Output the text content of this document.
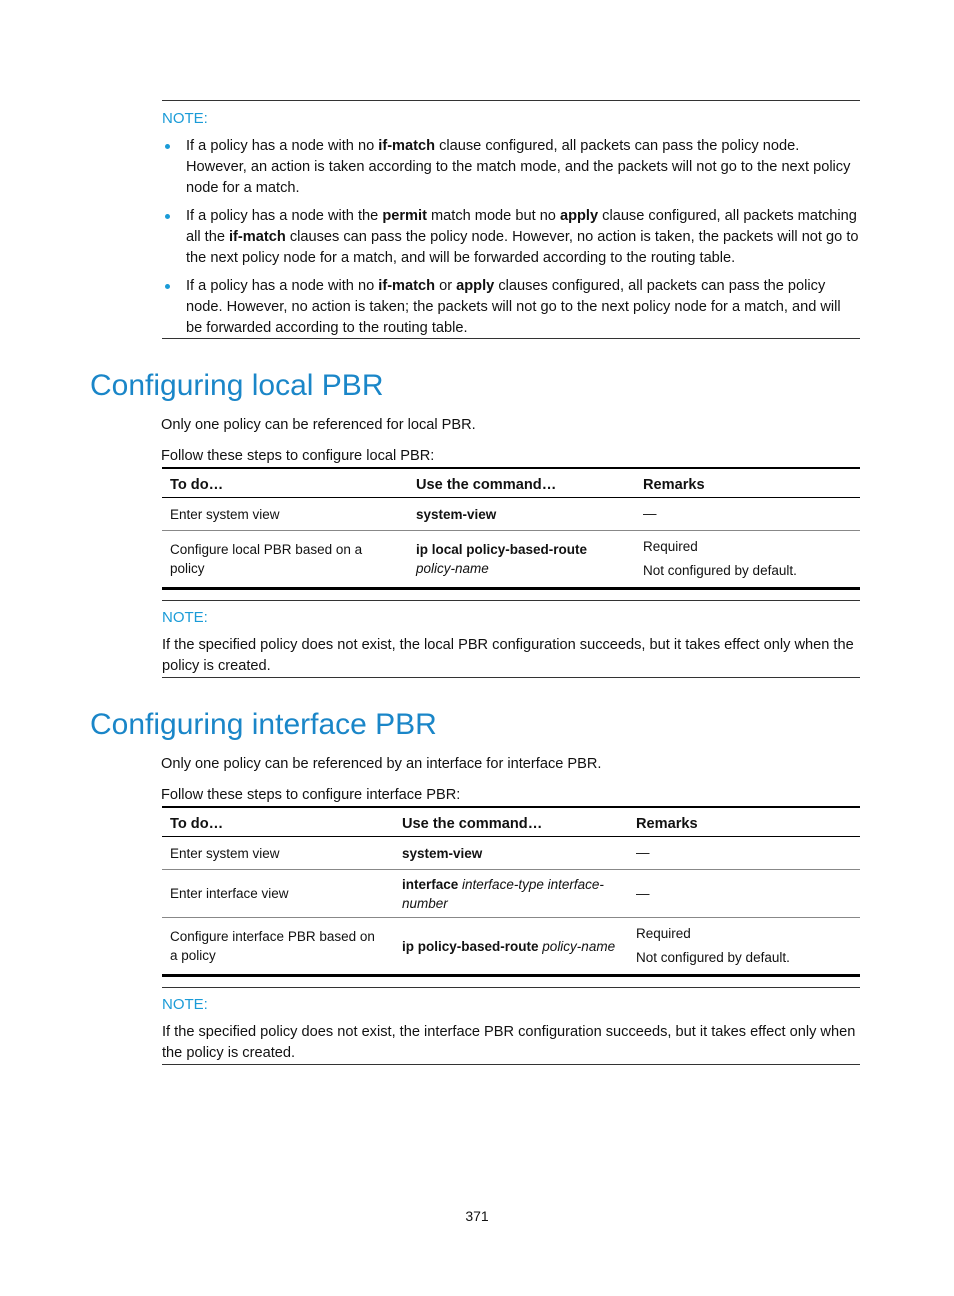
NOTE:
If a policy has a node with no if-match clause configured, all packets can pass the policy node. However, an action is taken according to the match mode, and the packets will not go to the next policy node for a match.
If a policy has a node with the permit match mode but no apply clause configured, all packets matching all the if-match clauses can pass the policy node. However, no action is taken, the packets will not go to the next policy node for a match, and will be forwarded according to the routing table.
If a policy has a node with no if-match or apply clauses configured, all packets can pass the policy node. However, no action is taken; the packets will not go to the next policy node for a match, and will be forwarded according to the routing table.
Configuring local PBR

Only one policy can be referenced for local PBR.

Follow these steps to configure local PBR:

To do…	Use the command…	Remarks
Enter system view	system-view	—

Configure local PBR based on a policy	ip local policy-based-route policy-name	Required
Not configured by default.
NOTE:
If the specified policy does not exist, the local PBR configuration succeeds, but it takes effect only when the policy is created.
Configuring interface PBR

Only one policy can be referenced by an interface for interface PBR.

Follow these steps to configure interface PBR:

To do…	Use the command…	Remarks
Enter system view	system-view	—

Enter interface view	interface interface-type interface-number	—

Configure interface PBR based on a policy	ip policy-based-route policy-name	Required
Not configured by default.
NOTE:
If the specified policy does not exist, the interface PBR configuration succeeds, but it takes effect only when the policy is created.
371
